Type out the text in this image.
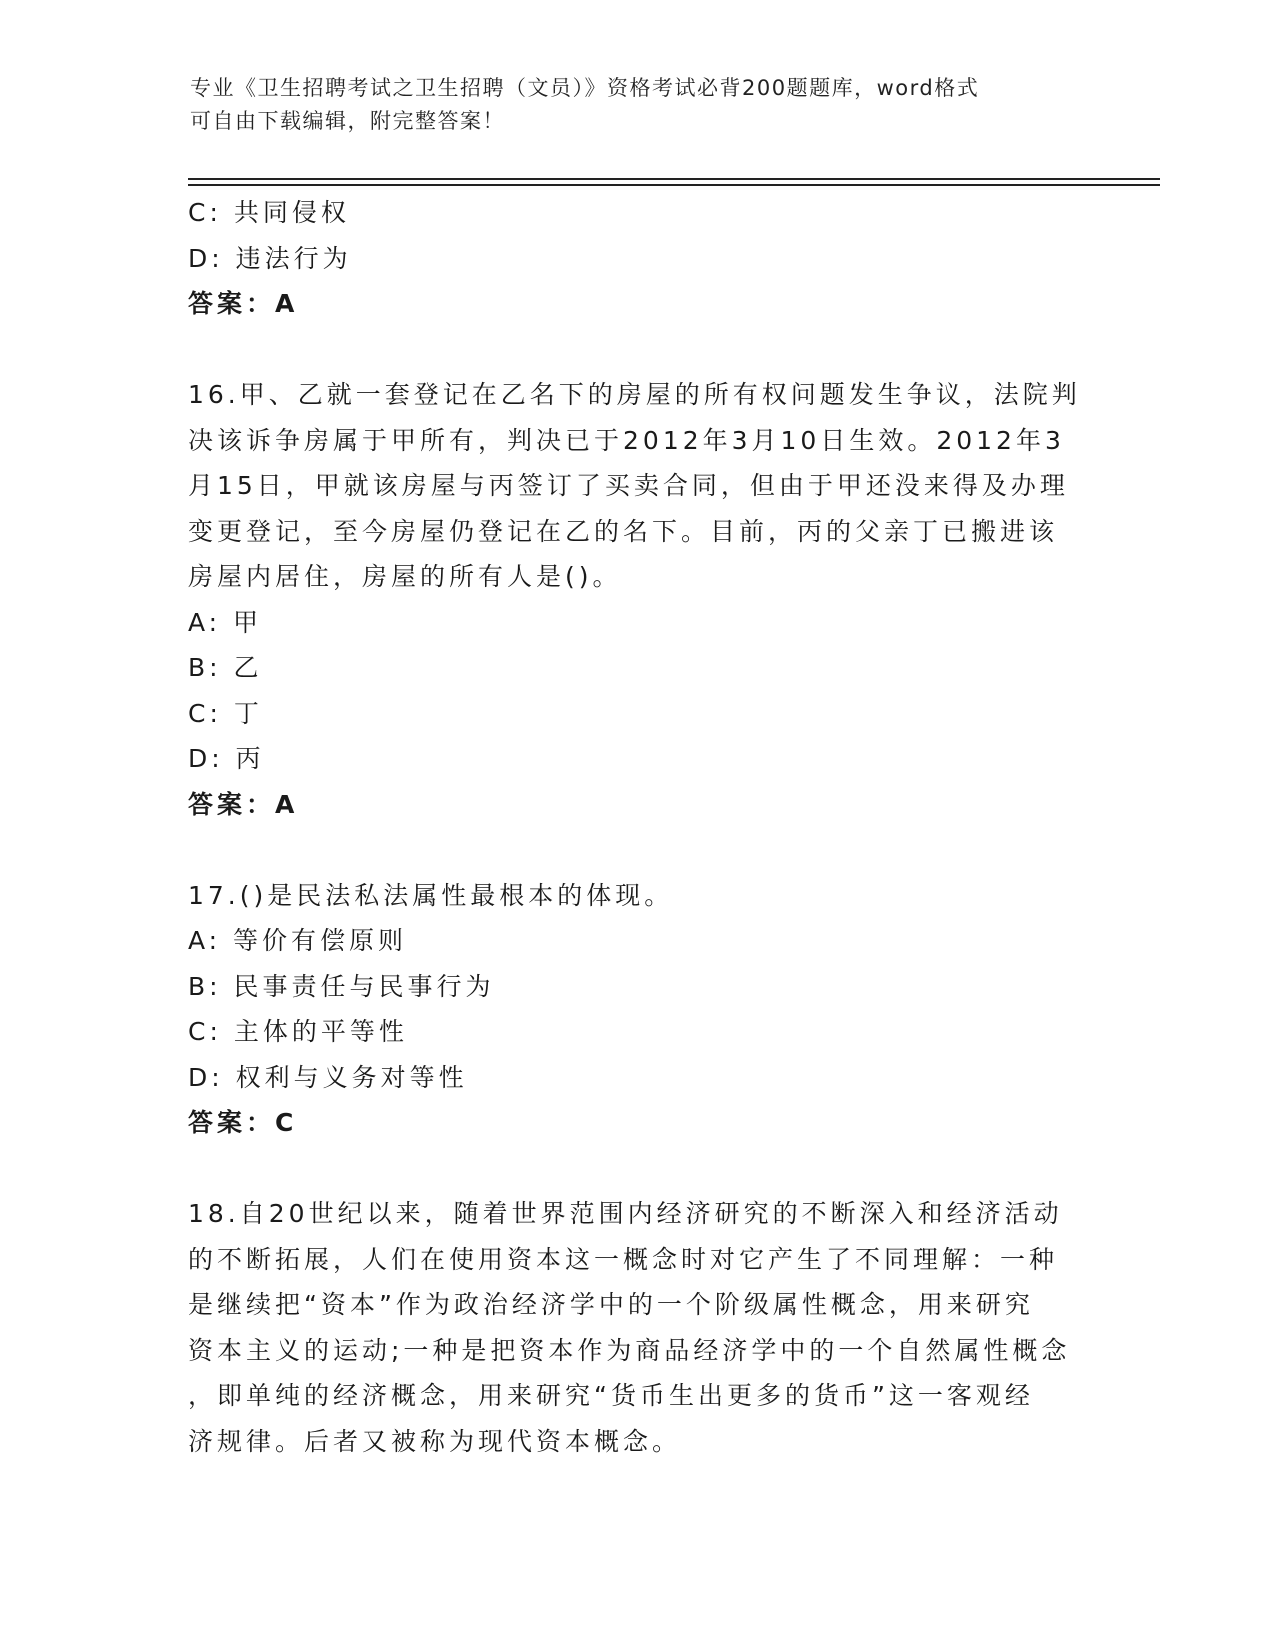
专业《卫生招聘考试之卫生招聘（文员）》资格考试必背200题题库，word格式
可自由下载编辑，附完整答案！
C: 共同侵权
D: 违法行为
答案：A
16.甲、乙就一套登记在乙名下的房屋的所有权问题发生争议，法院判
决该诉争房属于甲所有，判决已于2012年3月10日生效。2012年3
月15日，甲就该房屋与丙签订了买卖合同，但由于甲还没来得及办理
变更登记，至今房屋仍登记在乙的名下。目前，丙的父亲丁已搬进该
房屋内居住，房屋的所有人是()。
A: 甲
B: 乙
C: 丁
D: 丙
答案：A
17.()是民法私法属性最根本的体现。
A: 等价有偿原则
B: 民事责任与民事行为
C: 主体的平等性
D: 权利与义务对等性
答案：C
18.自20世纪以来，随着世界范围内经济研究的不断深入和经济活动
的不断拓展，人们在使用资本这一概念时对它产生了不同理解：一种
是继续把“资本”作为政治经济学中的一个阶级属性概念，用来研究
资本主义的运动;一种是把资本作为商品经济学中的一个自然属性概念
，即单纯的经济概念，用来研究“货币生出更多的货币”这一客观经
济规律。后者又被称为现代资本概念。
